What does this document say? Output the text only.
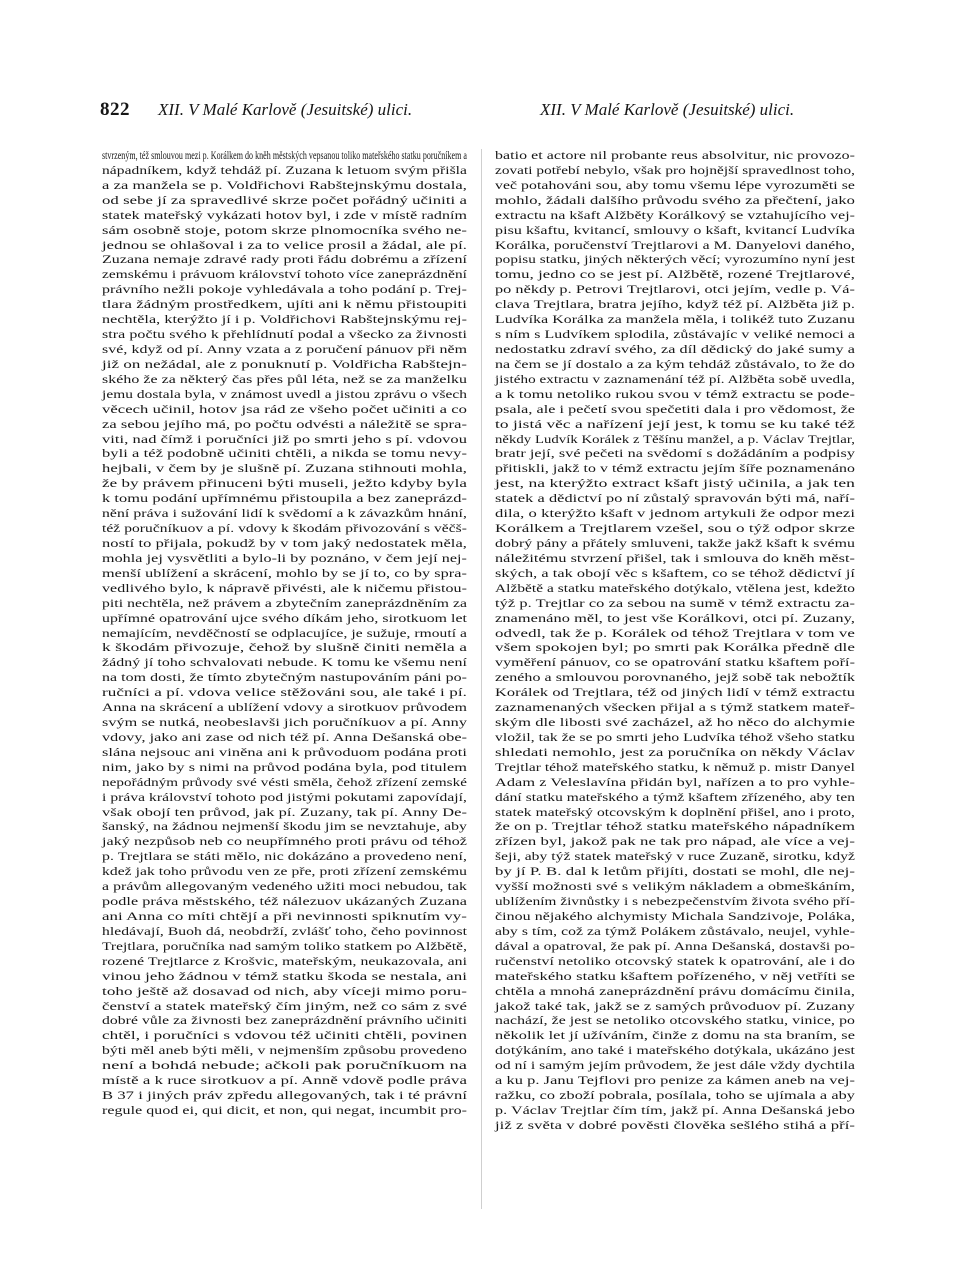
822 XII. V Malé Karlově (Jesuitské) ulici.	XII. V Malé Karlově (Jesuitské) ulici.
stvrzeným, též smlouvou mezi p. Korálkem do kněh městských vepsanou toliko mateřského statku poručníkem a
nápadníkem, když tehdáž pí. Zuzana k letuom svým přišla
a za manžela se p. Voldřichovi Rabštejnskýmu dostala,
od sebe jí za spravedlivé skrze počet pořádný učiniti a
statek mateřský vykázati hotov byl, i zde v místě radním
sám osobně stoje, potom skrze plnomocníka svého ne-
jednou se ohlašoval i za to velice prosil a žádal, ale pí.
Zuzana nemaje zdravé rady proti řádu dobrému a zřízení
zemskému i právuom království tohoto více zaneprázdnění
právního nežli pokoje vyhledávala a toho podání p. Trej-
tlara žádným prostředkem, ujíti ani k němu přistoupiti
nechtěla, kterýžto jí i p. Voldřichovi Rabštejnskýmu rej-
stra počtu svého k přehlídnutí podal a všecko za živnosti
své, když od pí. Anny vzata a z poručení pánuov při něm
již on nežádal, ale z ponuknutí p. Voldřicha Rabštejn-
ského že za některý čas přes půl léta, než se za manželku
jemu dostala byla, v známost uvedl a jistou zprávu o všech
věcech učinil, hotov jsa rád ze všeho počet učiniti a co
za sebou jejího má, po počtu odvésti a náležitě se spra-
viti, nad čímž i poručníci již po smrti jeho s pí. vdovou
byli a též podobně učiniti chtěli, a nikda se tomu nevy-
hejbali, v čem by je slušně pí. Zuzana stihnouti mohla,
že by právem přinuceni býti museli, ježto kdyby byla
k tomu podání upřímnému přistoupila a bez zaneprázd-
nění práva i sužování lidí k svědomí a k závazkům hnání,
též poručníkuov a pí. vdovy k škodám přivozování s věčš-
ností to přijala, pokudž by v tom jaký nedostatek měla,
mohla jej vysvětliti a bylo-li by poznáno, v čem její nej-
menší ublížení a skrácení, mohlo by se jí to, co by spra-
vedlivého bylo, k nápravě přivésti, ale k ničemu přistou-
piti nechtěla, než právem a zbytečním zaneprázdněním za
upřímné opatrování ujce svého díkám jeho, sirotkuom let
nemajícím, nevděčností se odplacujíce, je sužuje, rmoutí a
k škodám přivozuje, čehož by slušně činiti neměla a
žádný jí toho schvalovati nebude. K tomu ke všemu není
na tom dosti, že tímto zbytečným nastupováním páni po-
ručníci a pí. vdova velice stěžováni sou, ale také i pí.
Anna na skrácení a ublížení vdovy a sirotkuov průvodem
svým se nutká, neobeslavši jich poručníkuov a pí. Anny
vdovy, jako ani zase od nich též pí. Anna Dešanská obe-
slána nejsouc ani viněna ani k průvoduom podána proti
nim, jako by s nimi na průvod podána byla, pod titulem
nepořádným průvody své vésti směla, čehož zřízení zemské
i práva království tohoto pod jistými pokutami zapovídají,
však obojí ten průvod, jak pí. Zuzany, tak pí. Anny De-
šanský, na žádnou nejmenší škodu jim se nevztahuje, aby
jaký nezpůsob neb co neupřímného proti právu od téhož
p. Trejtlara se státi mělo, nic dokázáno a provedeno není,
kdež jak toho průvodu ven ze pře, proti zřízení zemskému
a právům allegovaným vedeného užiti moci nebudou, tak
podle práva městského, též nálezuov ukázaných Zuzana
ani Anna co míti chtějí a při nevinnosti spiknutím vy-
hledávají, Buoh dá, neobdrží, zvlášť toho, čeho povinnost
Trejtlara, poručníka nad samým toliko statkem po Alžbětě,
rozené Trejtlarce z Krošvic, mateřským, neukazovala, ani
vinou jeho žádnou v témž statku škoda se nestala, ani
toho ještě až dosavad od nich, aby víceji mimo poru-
čenství a statek mateřský čím jiným, než co sám z své
dobré vůle za živnosti bez zaneprázdnění právního učiniti
chtěl, i poručníci s vdovou též učiniti chtěli, povinen
býti měl aneb býti měli, v nejmenším způsobu provedeno
není a bohdá nebude; ačkoli pak poručníkuom na
místě a k ruce sirotkuov a pí. Anně vdově podle práva
B 37 i jiných práv zpředu allegovaných, tak i té právní
regule quod ei, qui dicit, et non, qui negat, incumbit pro-
batio et actore nil probante reus absolvitur, nic provozo-
zovati potřebí nebylo, však pro hojnější spravedlnost toho,
več potahováni sou, aby tomu všemu lépe vyrozuměti se
mohlo, žádali dalšího průvodu svého za přečtení, jako
extractu na kšaft Alžběty Korálkový se vztahujícího vej-
pisu kšaftu, kvitancí, smlouvy o kšaft, kvitancí Ludvíka
Korálka, poručenství Trejtlarovi a M. Danyelovi daného,
popisu statku, jiných některých věcí; vyrozumíno nyní jest
tomu, jedno co se jest pí. Alžbětě, rozené Trejtlarové,
po někdy p. Petrovi Trejtlarovi, otci jejím, vedle p. Vá-
clava Trejtlara, bratra jejího, když též pí. Alžběta již p.
Ludvíka Korálka za manžela měla, i tolikéž tuto Zuzanu
s ním s Ludvíkem splodila, zůstávajíc v veliké nemoci a
nedostatku zdraví svého, za díl dědický do jaké sumy a
na čem se jí dostalo a za kým tehdáž zůstávalo, to že do
jistého extractu v zaznamenání též pí. Alžběta sobě uvedla,
a k tomu netoliko rukou svou v témž extractu se pode-
psala, ale i pečetí svou spečetiti dala i pro vědomost, že
to jistá věc a nařízení její jest, k tomu se ku také též
někdy Ludvík Korálek z Těšínu manžel, a p. Václav Trejtlar,
bratr její, své pečeti na svědomí s dožádáním a podpisy
přitiskli, jakž to v témž extractu jejím šíře poznamenáno
jest, na kterýžto extract kšaft jistý učinila, a jak ten
statek a dědictví po ní zůstalý spravován býti má, naří-
dila, o kterýžto kšaft v jednom artykuli že odpor mezi
Korálkem a Trejtlarem vzešel, sou o týž odpor skrze
dobrý pány a přátely smluveni, takže jakž kšaft k svému
náležitému stvrzení přišel, tak i smlouva do kněh měst-
ských, a tak obojí věc s kšaftem, co se téhož dědictví jí
Alžbětě a statku mateřského dotýkalo, vtělena jest, kdežto
týž p. Trejtlar co za sebou na sumě v témž extractu za-
znamenáno měl, to jest vše Korálkovi, otci pí. Zuzany,
odvedl, tak že p. Korálek od téhož Trejtlara v tom ve
všem spokojen byl; po smrti pak Korálka předně dle
vyměření pánuov, co se opatrování statku kšaftem poří-
zeného a smlouvou porovnaného, jejž sobě tak nebožtík
Korálek od Trejtlara, též od jiných lidí v témž extractu
zaznamenaných všecken přijal a s týmž statkem mateř-
ským dle libosti své zacházel, až ho něco do alchymie
vložil, tak že se po smrti jeho Ludvíka téhož všeho statku
shledati nemohlo, jest za poručníka on někdy Václav
Trejtlar téhož mateřského statku, k němuž p. mistr Danyel
Adam z Veleslavína přidán byl, nařízen a to pro vyhle-
dání statku mateřského a týmž kšaftem zřízeného, aby ten
statek mateřský otcovským k doplnění přišel, ano i proto,
že on p. Trejtlar téhož statku mateřského nápadníkem
zřízen byl, jakož pak ne tak pro nápad, ale více a vej-
šeji, aby týž statek mateřský v ruce Zuzaně, sirotku, když
by jí P. B. dal k letům přijíti, dostati se mohl, dle nej-
vyšší možnosti své s velikým nákladem a obmeškáním,
ublížením živnůstky i s nebezpečenstvím života svého pří-
činou nějakého alchymisty Michala Sandzivoje, Poláka,
aby s tím, což za týmž Polákem zůstávalo, neujel, vyhle-
dával a opatroval, že pak pí. Anna Dešanská, dostavši po-
ručenství netoliko otcovský statek k opatrování, ale i do
mateřského statku kšaftem pořízeného, v něj vetříti se
chtěla a mnohá zaneprázdnění právu domácímu činila,
jakož také tak, jakž se z samých průvoduov pí. Zuzany
nachází, že jest se netoliko otcovského statku, vinice, po
několik let jí užíváním, činže z domu na sta braním, se
dotýkáním, ano také i mateřského dotýkala, ukázáno jest
od ní i samým jejím průvodem, že jest dále vždy dychtila
a ku p. Janu Tejflovi pro penize za kámen aneb na vej-
ražku, co zboží pobrala, posílala, toho se ujímala a aby
p. Václav Trejtlar čím tím, jakž pí. Anna Dešanská jebo
již z světa v dobré pověsti člověka sešlého stihá a pří-
